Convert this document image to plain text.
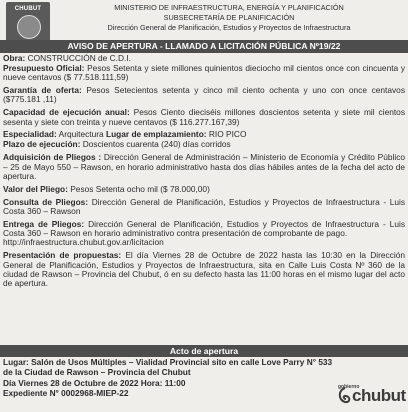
CHUBUT	MINISTERIO DE INFRAESTRUCTURA, ENERGÍA Y PLANIFICACIÓN
SUBSECRETARÍA DE PLANIFICACIÓN
Dirección General de Planificación, Estudios y Proyectos de Infraestructura
AVISO DE APERTURA - LLAMADO A LICITACIÓN PÚBLICA Nº19/22
Obra: CONSTRUCCIÓN de C.D.I.
Presupuesto Oficial: Pesos Setenta y siete millones quinientos dieciocho mil cientos once con cincuenta y nueve centavos ($ 77.518.111,59)
Garantía de oferta: Pesos Setecientos setenta y cinco mil ciento ochenta y uno con once centavos ($775.181 ,11)
Capacidad de ejecución anual: Pesos Ciento dieciséis millones doscientos setenta y siete mil cientos sesenta y siete con treinta y nueve centavos ($ 116.277.167,39)
Especialidad: Arquitectura Lugar de emplazamiento: RIO PICO
Plazo de ejecución: Doscientos cuarenta (240) días corridos
Adquisición de Pliegos : Dirección General de Administración – Ministerio de Economía y Crédito Público – 25 de Mayo 550 – Rawson, en horario administrativo hasta dos días hábiles antes de la fecha del acto de apertura.
Valor del Pliego: Pesos Setenta ocho mil ($ 78.000,00)
Consulta de Pliegos: Dirección General de Planificación, Estudios y Proyectos de Infraestructura - Luis Costa 360 – Rawson
Entrega de Pliegos: Dirección General de Planificación, Estudios y Proyectos de Infraestructura - Luis Costa 360 – Rawson en horario administrativo contra presentación de comprobante de pago.
http://infraestructura.chubut.gov.ar/licitacion
Presentación de propuestas: El día Viernes 28 de Octubre de 2022 hasta las 10:30 en la Dirección General de Planificación, Estudios y Proyectos de Infraestructura, sita en Calle Luis Costa Nº 360 de la ciudad de Rawson – Provincia del Chubut, ó en su defecto hasta las 11:00 horas en el mismo lugar del acto de apertura.
Acto de apertura
Lugar: Salón de Usos Múltiples – Vialidad Provincial sito en calle Love Parry N° 533
de la Ciudad de Rawson – Provincia del Chubut
Día Viernes 28 de Octubre de 2022 Hora: 11:00
Expediente N° 0002968-MIEP-22
gobierno
chubut
